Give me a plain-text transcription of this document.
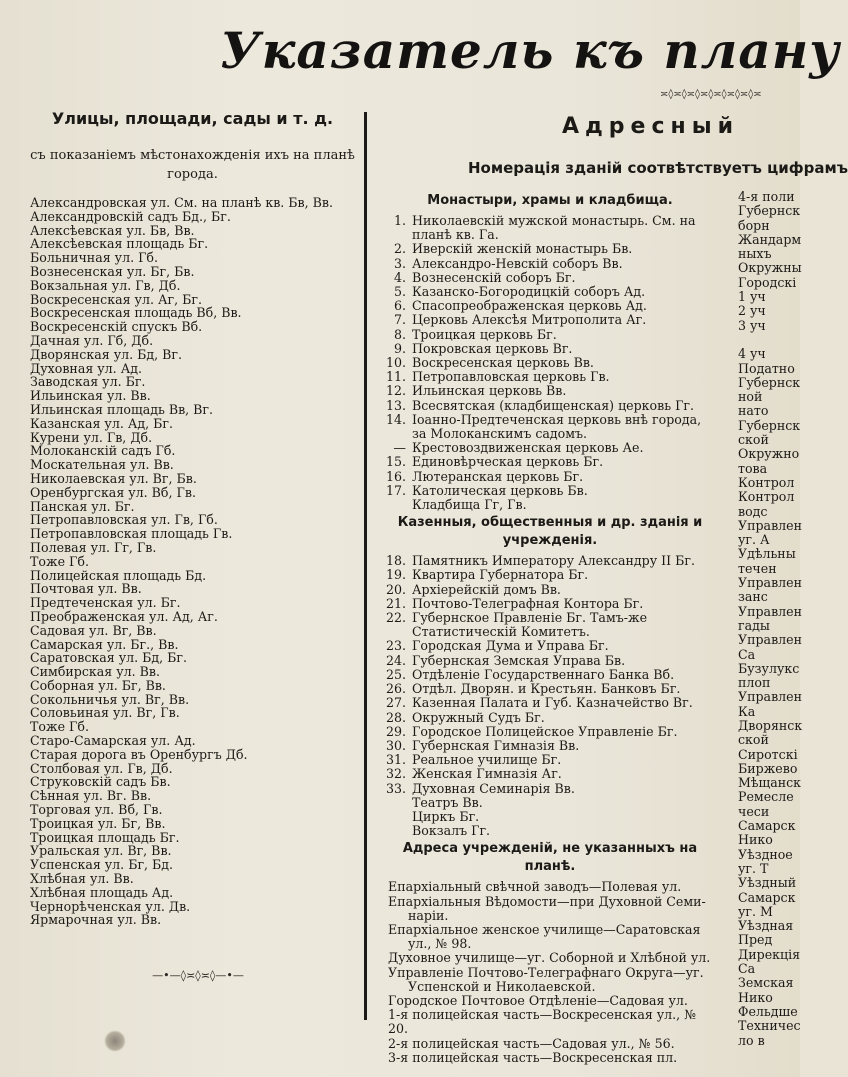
Указатель къ плану
≍◊≍◊≍◊≍◊≍◊≍◊≍◊≍
Улицы, площади, сады и т. д.
съ показаніемъ мѣстонахожденія ихъ на планѣ города.
Александровская ул. См. на планѣ кв. Бв, Вв.
Александровскій садъ Бд., Бг.
Алексѣевская ул. Бв, Вв.
Алексѣевская площадь Бг.
Больничная ул. Гб.
Вознесенская ул. Бг, Бв.
Вокзальная ул. Гв, Дб.
Воскресенская ул. Аг, Бг.
Воскресенская площадь Вб, Вв.
Воскресенскій спускъ Вб.
Дачная ул. Гб, Дб.
Дворянская ул. Бд, Вг.
Духовная ул. Ад.
Заводская ул. Бг.
Ильинская ул. Вв.
Ильинская площадь Вв, Вг.
Казанская ул. Ад, Бг.
Курени ул. Гв, Дб.
Молоканскій садъ Гб.
Москательная ул. Вв.
Николаевская ул. Вг, Бв.
Оренбургская ул. Вб, Гв.
Панская ул. Бг.
Петропавловская ул. Гв, Гб.
Петропавловская площадь Гв.
Полевая ул. Гг, Гв.
Тоже Гб.
Полицейская площадь Бд.
Почтовая ул. Вв.
Предтеченская ул. Бг.
Преображенская ул. Ад, Аг.
Садовая ул. Вг, Вв.
Самарская ул. Бг., Вв.
Саратовская ул. Бд, Бг.
Симбирская ул. Вв.
Соборная ул. Бг, Вв.
Сокольничья ул. Вг, Вв.
Соловьиная ул. Вг, Гв.
Тоже Гб.
Старо-Самарская ул. Ад.
Старая дорога въ Оренбургъ Дб.
Столбовая ул. Гв, Дб.
Струковскій садъ Бв.
Сѣнная ул. Вг. Вв.
Торговая ул. Вб, Гв.
Троицкая ул. Бг, Вв.
Троицкая площадь Бг.
Уральская ул. Вг, Вв.
Успенская ул. Бг, Бд.
Хлѣбная ул. Вв.
Хлѣбная площадь Ад.
Чернорѣченская ул. Дв.
Ярмарочная ул. Вв.
—•—◊≍◊≍◊—•—
Адресный
Номерація зданій соотвѣтствуетъ цифрамъ
Монастыри, храмы и кладбища.
1. Николаевскій мужской монастырь. См. на планѣ кв. Га.
2. Иверскій женскій монастырь Бв.
3. Александро-Невскій соборъ Вв.
4. Вознесенскій соборъ Бг.
5. Казанско-Богородицкій соборъ Ад.
6. Спасопреображенская церковь Ад.
7. Церковь Алексѣя Митрополита Аг.
8. Троицкая церковь Бг.
9. Покровская церковь Вг.
10. Воскресенская церковь Вв.
11. Петропавловская церковь Гв.
12. Ильинская церковь Вв.
13. Всесвятская (кладбищенская) церковь Гг.
14. Іоанно-Предтеченская церковь внѣ города, за Молоканскимъ садомъ.
— Крестовоздвиженская церковь Ае.
15. Единовѣрческая церковь Бг.
16. Лютеранская церковь Бг.
17. Католическая церковь Бв.
Кладбища Гг, Гв.
Казенныя, общественныя и др. зданія и учрежденія.
18. Памятникъ Императору Александру II Бг.
19. Квартира Губернатора Бг.
20. Архіерейскій домъ Вв.
21. Почтово-Телеграфная Контора Бг.
22. Губернское Правленіе Бг. Тамъ-же Статистическій Комитетъ.
23. Городская Дума и Управа Бг.
24. Губернская Земская Управа Бв.
25. Отдѣленіе Государственнаго Банка Вб.
26. Отдѣл. Дворян. и Крестьян. Банковъ Бг.
27. Казенная Палата и Губ. Казначейство Вг.
28. Окружный Судъ Бг.
29. Городское Полицейское Управленіе Бг.
30. Губернская Гимназія Вв.
31. Реальное училище Бг.
32. Женская Гимназія Аг.
33. Духовная Семинарія Вв.
Театръ Вв.
Циркъ Бг.
Вокзалъ Гг.
Адреса учрежденій, не указанныхъ на планѣ.
Епархіальный свѣчной заводъ—Полевая ул.
Епархіальныя Вѣдомости—при Духовной Семи-
наріи.
Епархіальное женское училище—Саратовская
ул., № 98.
Духовное училище—уг. Соборной и Хлѣбной ул.
Управленіе Почтово-Телеграфнаго Округа—уг.
Успенской и Николаевской.
Городское Почтовое Отдѣленіе—Садовая ул.
1-я полицейская часть—Воскресенская ул., № 20.
2-я полицейская часть—Садовая ул., № 56.
3-я полицейская часть—Воскресенская пл.
4-я поли
Губернск
борн
Жандарм
ныхъ
Окружны
Городскі
1 уч
2 уч
3 уч
4 уч
Податно
Губернск
ной
нато
Губернск
ской
Окружно
това
Контрол
Контрол
водс
Управлен
уг. А
Удѣльны
течен
Управлен
занс
Управлен
гады
Управлен
Са
Бузулукс
плоп
Управлен
Ка
Дворянск
ской
Сиротскі
Биржево
Мѣщанск
Ремесле
чеси
Самарск
Нико
Уѣздное
уг. Т
Уѣздный
Самарск
уг. М
Уѣздная
Пред
Дирекція
Са
Земская
Нико
Фельдше
Техничес
ло в
